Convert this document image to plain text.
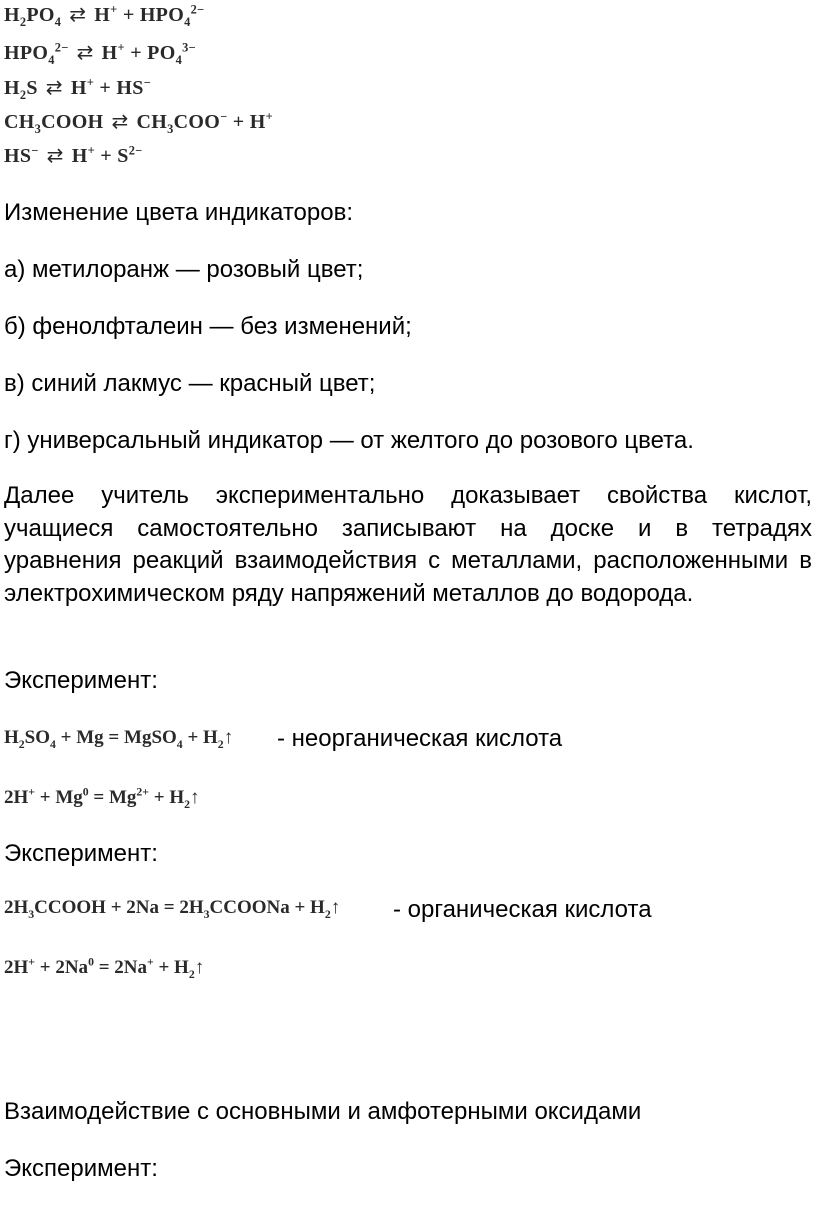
$H_2PO_4$ ⇄ $H^+ + HPO_4^{2-}$
$HPO_4^{2-}$ ⇄ $H^+ + PO_4^{3-}$
$H_2S$ ⇄ H+ + HS−
$CH_3COOH$ ⇄ $CH_3COO^- + H^+$
HS− ⇄ $H^+ + S^{2-}$
Изменение цвета индикаторов:
а) метилоранж — розовый цвет;
б) фенолфталеин — без изменений;
в) синий лакмус — красный цвет;
г) универсальный индикатор — от желтого до розового цвета.
Далее учитель экспериментально доказывает свойства кислот, учащиеся самостоятельно записывают на доске и в тетрадях уравнения реакций взаимодействия с металлами, расположенными в электрохимическом ряду напряжений металлов до водорода.
Эксперимент:
$H_2SO_4 + Mg$ = MgSO$_4$ + $H_2↑$ - неорганическая кислота
$2H^+ + Mg^0 = Mg^{2+}$ + $H_2↑$
Эксперимент:
$2H_3CCOOH + 2Na$ = $2H_3CCOONa$ + $H_2↑$ - органическая кислота
$2H^+ + 2Na^0 = 2Na^+$ + $H_2↑$
Взаимодействие с основными и амфотерными оксидами
Эксперимент:
